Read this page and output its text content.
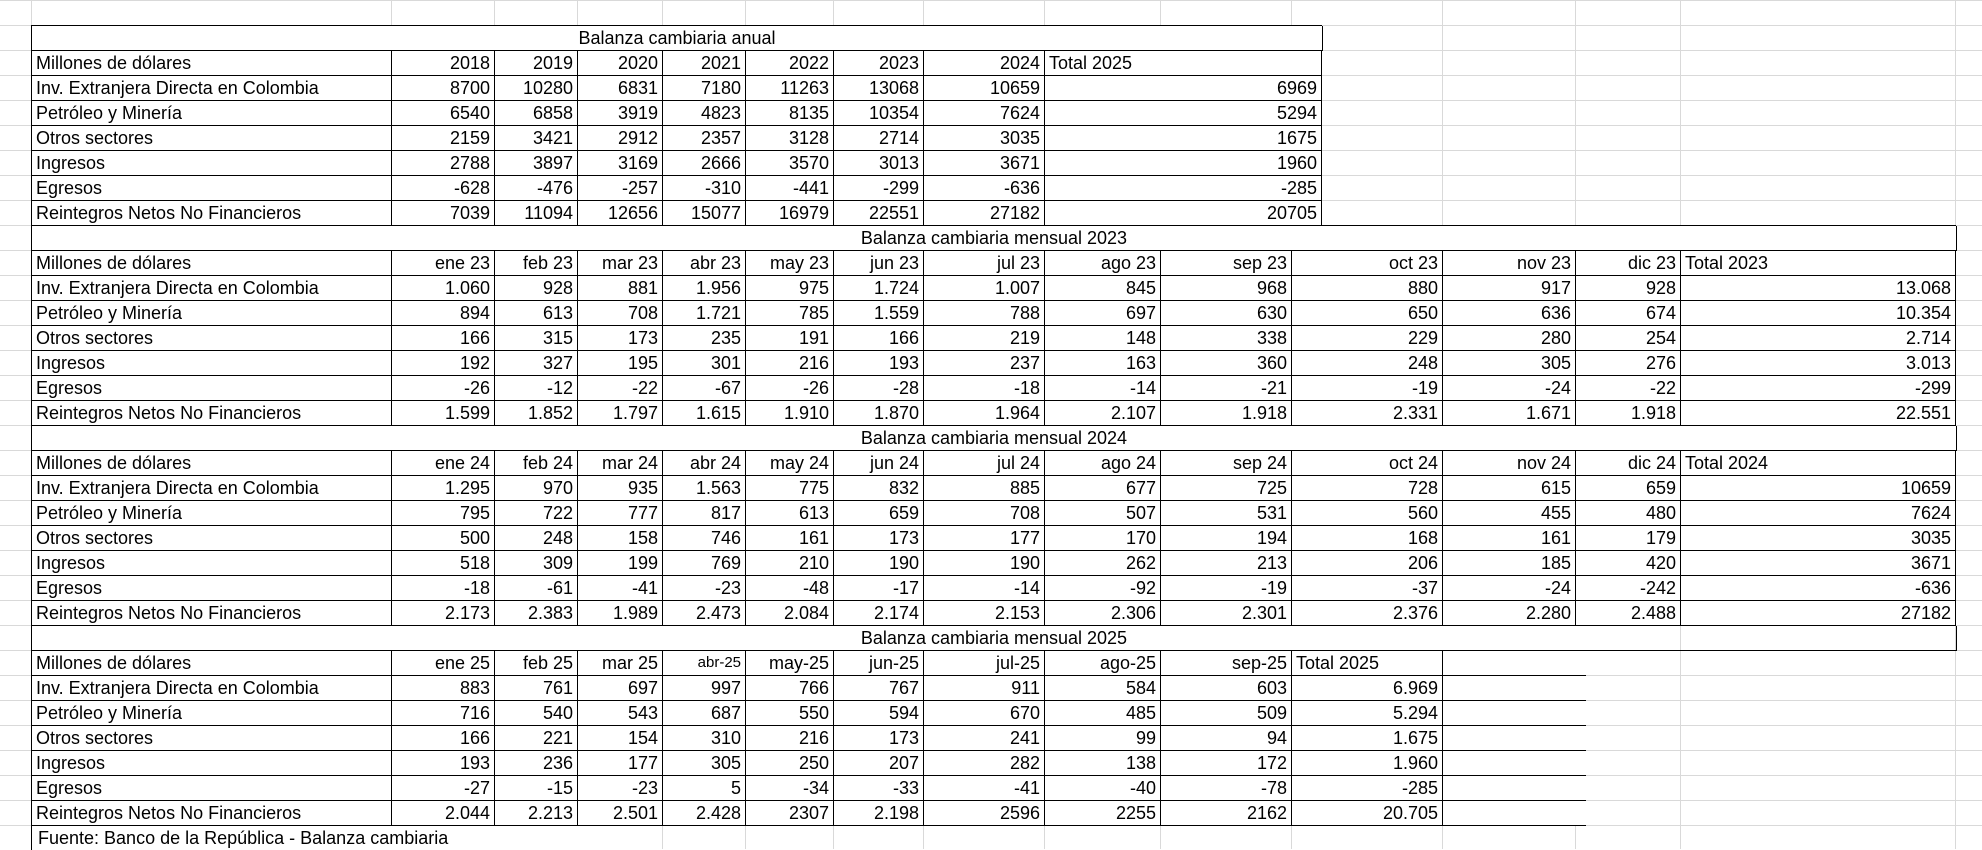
Balanza cambiaria anual
Millones de dólares	2018	2019	2020	2021	2022	2023	2024 Total 2025
Inv. Extranjera Directa en Colombia	8700	10280	6831	7180	11263	13068	10659	6969
Petróleo y Minería	6540	6858	3919	4823	8135	10354	7624	5294
Otros sectores	2159	3421	2912	2357	3128	2714	3035	1675
Ingresos	2788	3897	3169	2666	3570	3013	3671	1960
Egresos	-628	-476	-257	-310	-441	-299	-636	-285
Reintegros Netos No Financieros	7039	11094	12656	15077	16979	22551	27182	20705
Balanza cambiaria mensual 2023
Millones de dólares	ene 23	feb 23	mar 23	abr 23	may 23	jun 23	jul 23	ago 23	sep 23	oct 23	nov 23	dic 23 Total 2023
Inv. Extranjera Directa en Colombia	1.060	928	881	1.956	975	1.724	1.007	845	968	880	917	928	13.068
Petróleo y Minería	894	613	708	1.721	785	1.559	788	697	630	650	636	674	10.354
Otros sectores	166	315	173	235	191	166	219	148	338	229	280	254	2.714
Ingresos	192	327	195	301	216	193	237	163	360	248	305	276	3.013
Egresos	-26	-12	-22	-67	-26	-28	-18	-14	-21	-19	-24	-22	-299
Reintegros Netos No Financieros	1.599	1.852	1.797	1.615	1.910	1.870	1.964	2.107	1.918	2.331	1.671	1.918	22.551
Balanza cambiaria mensual 2024
Millones de dólares	ene 24	feb 24	mar 24	abr 24	may 24	jun 24	jul 24	ago 24	sep 24	oct 24	nov 24	dic 24 Total 2024
Inv. Extranjera Directa en Colombia	1.295	970	935	1.563	775	832	885	677	725	728	615	659	10659
Petróleo y Minería	795	722	777	817	613	659	708	507	531	560	455	480	7624
Otros sectores	500	248	158	746	161	173	177	170	194	168	161	179	3035
Ingresos	518	309	199	769	210	190	190	262	213	206	185	420	3671
Egresos	-18	-61	-41	-23	-48	-17	-14	-92	-19	-37	-24	-242	-636
Reintegros Netos No Financieros	2.173	2.383	1.989	2.473	2.084	2.174	2.153	2.306	2.301	2.376	2.280	2.488	27182
Balanza cambiaria mensual 2025
Millones de dólares	ene 25	feb 25	mar 25	abr-25	may-25	jun-25	jul-25	ago-25	sep-25 Total 2025
Inv. Extranjera Directa en Colombia	883	761	697	997	766	767	911	584	603	6.969
Petróleo y Minería	716	540	543	687	550	594	670	485	509	5.294
Otros sectores	166	221	154	310	216	173	241	99	94	1.675
Ingresos	193	236	177	305	250	207	282	138	172	1.960
Egresos	-27	-15	-23	5	-34	-33	-41	-40	-78	-285
Reintegros Netos No Financieros	2.044	2.213	2.501	2.428	2307	2.198	2596	2255	2162	20.705
Fuente: Banco de la República - Balanza cambiaria
